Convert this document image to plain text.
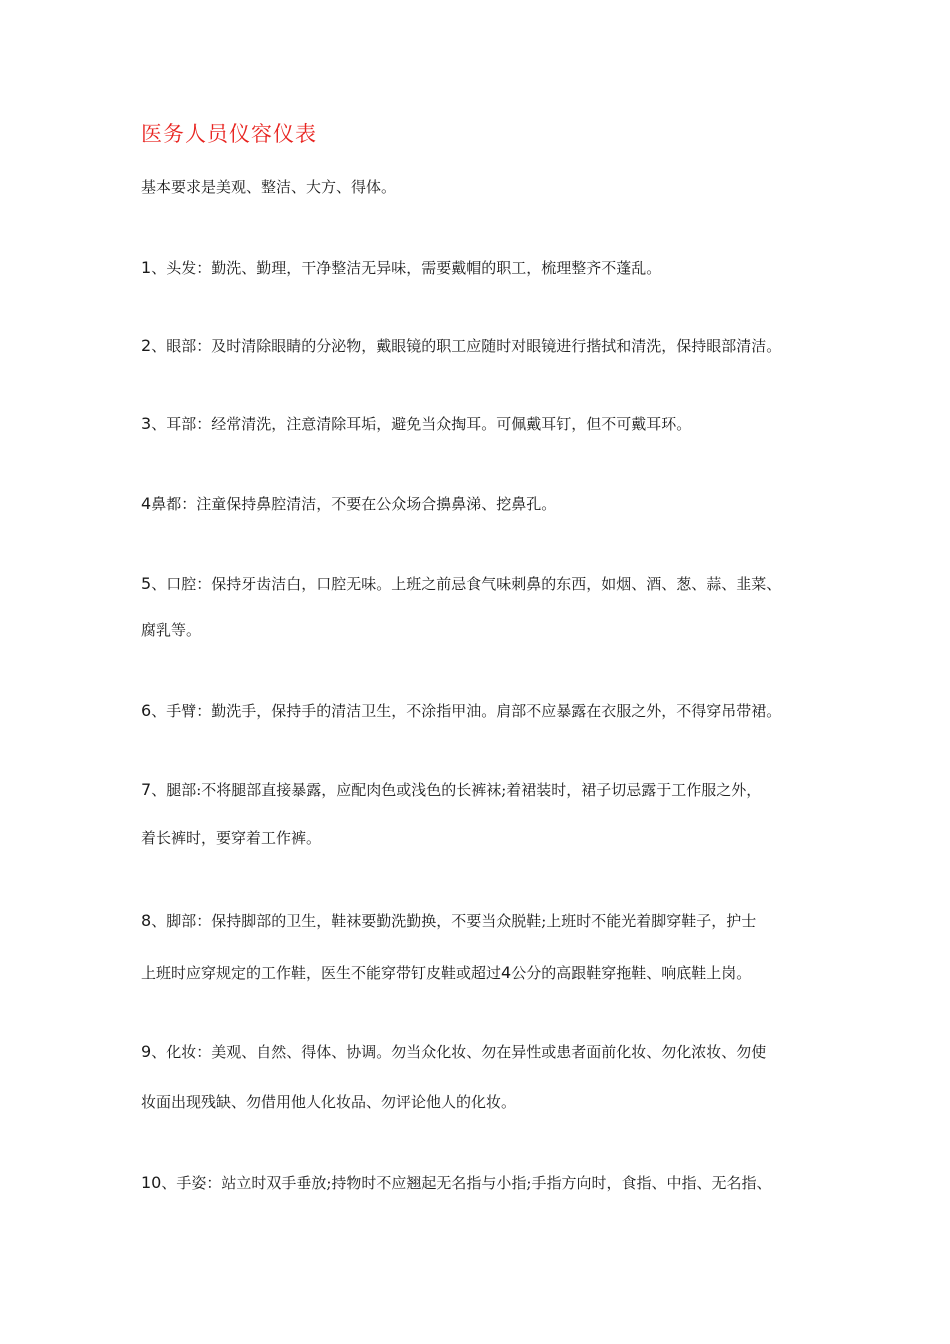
医务人员仪容仪表
基本要求是美观、整洁、大方、得体。
1、头发：勤洗、勤理，干净整洁无异味，需要戴帽的职工，梳理整齐不蓬乱。
2、眼部：及时清除眼睛的分泌物，戴眼镜的职工应随时对眼镜进行揩拭和清洗，保持眼部清洁。
3、耳部：经常清洗，注意清除耳垢，避免当众掏耳。可佩戴耳钉，但不可戴耳环。
4鼻都：注童保持鼻腔清洁，不要在公众场合擤鼻涕、挖鼻孔。
5、口腔：保持牙齿洁白，口腔无味。上班之前忌食气味刺鼻的东西，如烟、酒、葱、蒜、韭菜、
腐乳等。
6、手臂：勤洗手，保持手的清洁卫生，不涂指甲油。肩部不应暴露在衣服之外，不得穿吊带裙。
7、腿部:不将腿部直接暴露，应配肉色或浅色的长裤袜;着裙装时，裙子切忌露于工作服之外，
着长裤时，要穿着工作裤。
8、脚部：保持脚部的卫生，鞋袜要勤洗勤换，不要当众脱鞋;上班时不能光着脚穿鞋子，护士
上班时应穿规定的工作鞋，医生不能穿带钉皮鞋或超过4公分的高跟鞋穿拖鞋、响底鞋上岗。
9、化妆：美观、自然、得体、协调。勿当众化妆、勿在异性或患者面前化妆、勿化浓妆、勿使
妆面出现残缺、勿借用他人化妆品、勿评论他人的化妆。
10、手姿：站立时双手垂放;持物时不应翘起无名指与小指;手指方向时，食指、中指、无名指、
